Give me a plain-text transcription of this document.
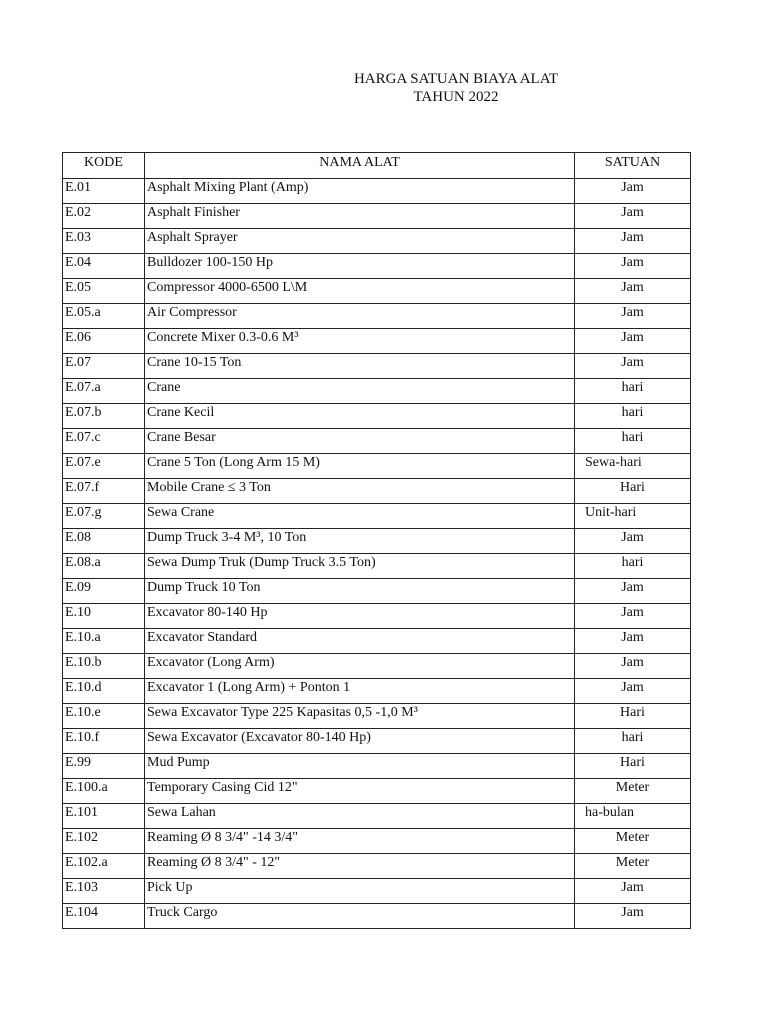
HARGA SATUAN BIAYA ALAT
TAHUN 2022
KODE	NAMA ALAT	SATUAN
E.01	Asphalt Mixing Plant (Amp)	Jam
E.02	Asphalt Finisher	Jam
E.03	Asphalt Sprayer	Jam
E.04	Bulldozer 100-150 Hp	Jam
E.05	Compressor 4000-6500 L\M	Jam
E.05.a	Air Compressor	Jam
E.06	Concrete Mixer 0.3-0.6 M³	Jam
E.07	Crane 10-15 Ton	Jam
E.07.a	Crane	hari
E.07.b	Crane Kecil	hari
E.07.c	Crane Besar	hari
E.07.e	Crane 5 Ton (Long Arm 15 M)	Sewa-hari
E.07.f	Mobile Crane ≤ 3 Ton	Hari
E.07.g	Sewa Crane	Unit-hari
E.08	Dump Truck 3-4 M³, 10 Ton	Jam
E.08.a	Sewa Dump Truk (Dump Truck 3.5 Ton)	hari
E.09	Dump Truck 10 Ton	Jam
E.10	Excavator 80-140 Hp	Jam
E.10.a	Excavator Standard	Jam
E.10.b	Excavator (Long Arm)	Jam
E.10.d	Excavator 1 (Long Arm) + Ponton 1	Jam
E.10.e	Sewa Excavator Type 225 Kapasitas 0,5 -1,0 M³	Hari
E.10.f	Sewa Excavator (Excavator 80-140 Hp)	hari
E.99	Mud Pump	Hari
E.100.a	Temporary Casing Cid 12"	Meter
E.101	Sewa Lahan	ha-bulan
E.102	Reaming Ø 8 3/4" -14 3/4"	Meter
E.102.a	Reaming Ø 8 3/4" - 12"	Meter
E.103	Pick Up	Jam
E.104	Truck Cargo	Jam
